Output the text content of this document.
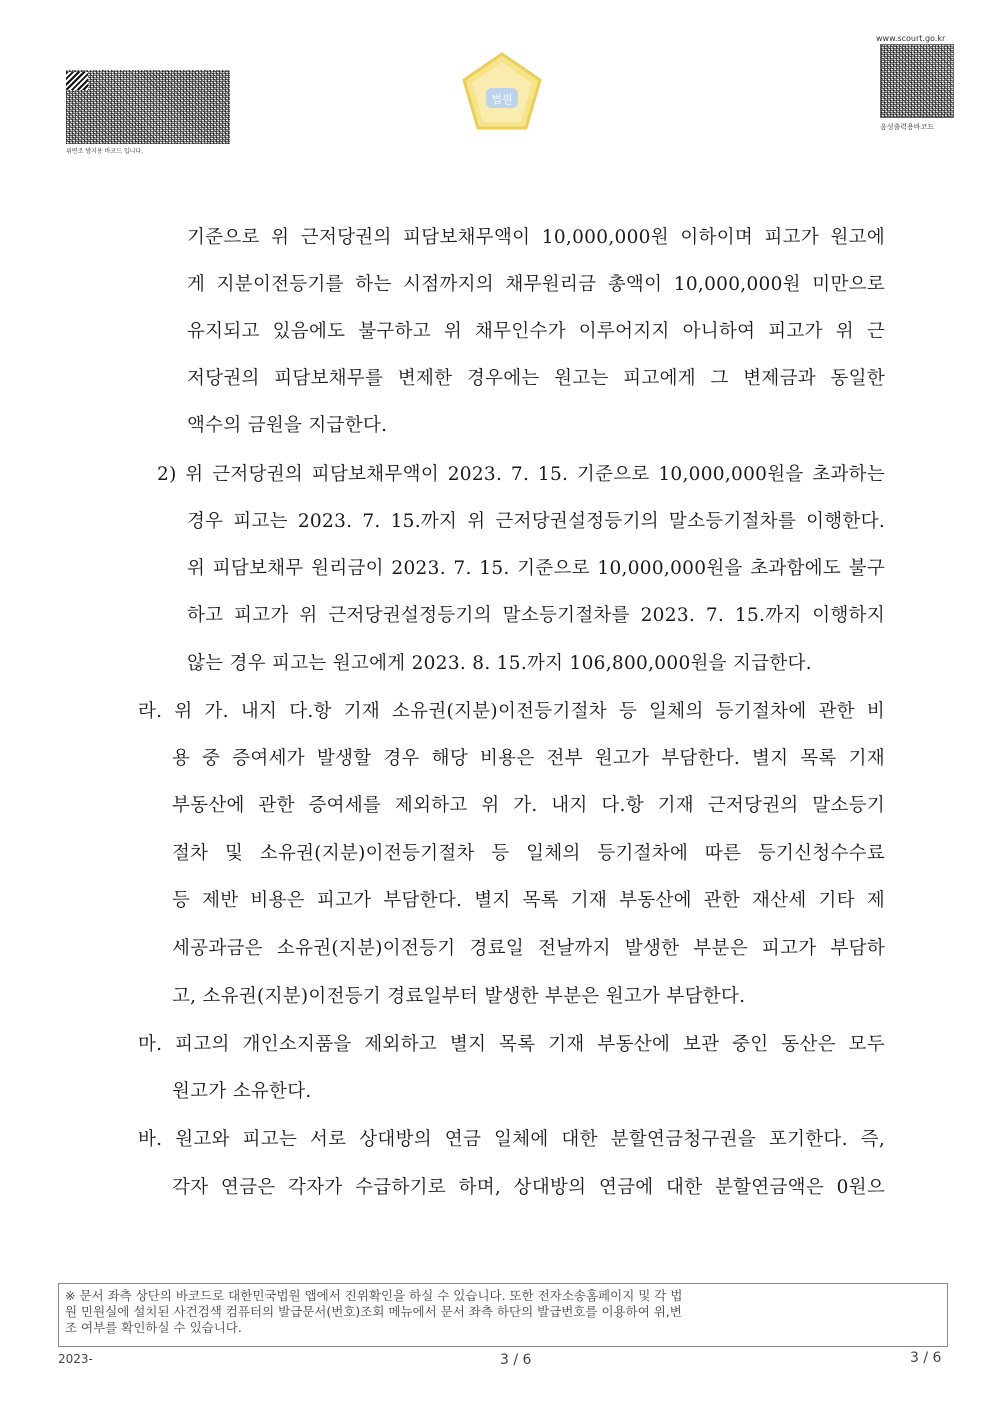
위변조 방지용 바코드 입니다.
법원
www.scourt.go.kr
음성출력용바코드
기준으로 위 근저당권의 피담보채무액이 10,000,000원 이하이며 피고가 원고에
게 지분이전등기를 하는 시점까지의 채무원리금 총액이 10,000,000원 미만으로
유지되고 있음에도 불구하고 위 채무인수가 이루어지지 아니하여 피고가 위 근
저당권의 피담보채무를 변제한 경우에는 원고는 피고에게 그 변제금과 동일한
액수의 금원을 지급한다.
2) 위 근저당권의 피담보채무액이 2023. 7. 15. 기준으로 10,000,000원을 초과하는
경우 피고는 2023. 7. 15.까지 위 근저당권설정등기의 말소등기절차를 이행한다.
위 피담보채무 원리금이 2023. 7. 15. 기준으로 10,000,000원을 초과함에도 불구
하고 피고가 위 근저당권설정등기의 말소등기절차를 2023. 7. 15.까지 이행하지
않는 경우 피고는 원고에게 2023. 8. 15.까지 106,800,000원을 지급한다.
라. 위 가. 내지 다.항 기재 소유권(지분)이전등기절차 등 일체의 등기절차에 관한 비
용 중 증여세가 발생할 경우 해당 비용은 전부 원고가 부담한다. 별지 목록 기재
부동산에 관한 증여세를 제외하고 위 가. 내지 다.항 기재 근저당권의 말소등기
절차 및 소유권(지분)이전등기절차 등 일체의 등기절차에 따른 등기신청수수료
등 제반 비용은 피고가 부담한다. 별지 목록 기재 부동산에 관한 재산세 기타 제
세공과금은 소유권(지분)이전등기 경료일 전날까지 발생한 부분은 피고가 부담하
고, 소유권(지분)이전등기 경료일부터 발생한 부분은 원고가 부담한다.
마. 피고의 개인소지품을 제외하고 별지 목록 기재 부동산에 보관 중인 동산은 모두
원고가 소유한다.
바. 원고와 피고는 서로 상대방의 연금 일체에 대한 분할연금청구권을 포기한다. 즉,
각자 연금은 각자가 수급하기로 하며, 상대방의 연금에 대한 분할연금액은 0원으
※ 문서 좌측 상단의 바코드로 대한민국법원 앱에서 진위확인을 하실 수 있습니다. 또한 전자소송홈페이지 및 각 법
원 민원실에 설치된 사건검색 컴퓨터의 발급문서(번호)조회 메뉴에서 문서 좌측 하단의 발급번호를 이용하여 위,변
조 여부를 확인하실 수 있습니다.
2023-	3 / 6	3 / 6
